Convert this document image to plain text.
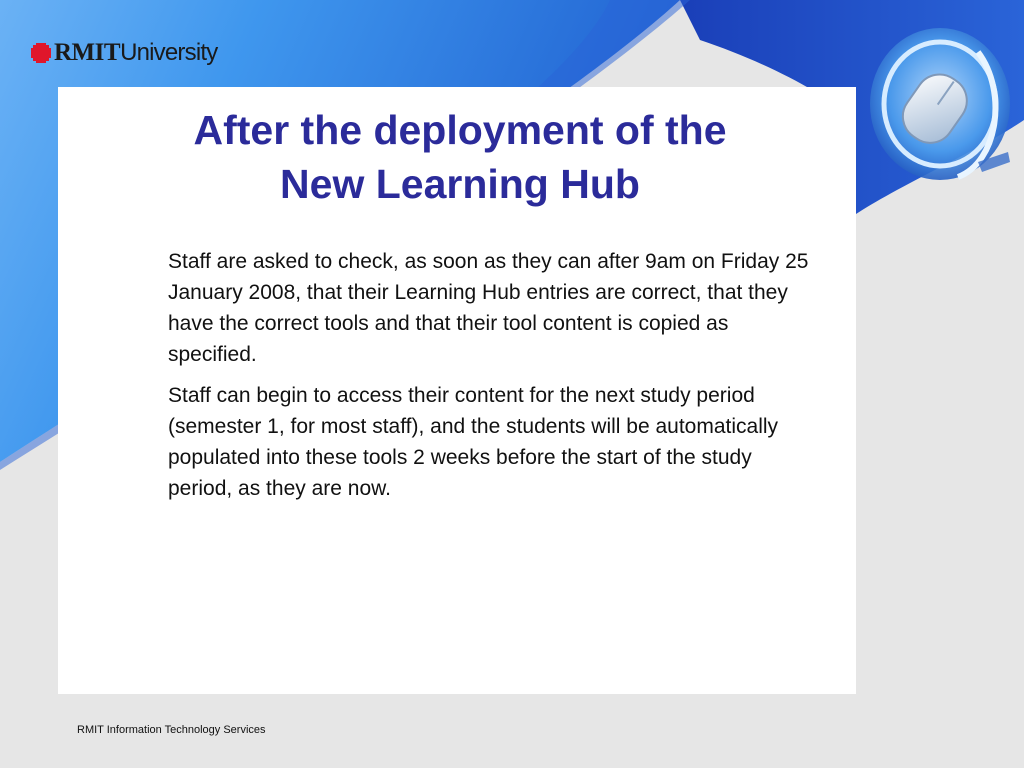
RMIT University
After the deployment of the
New Learning Hub

Staff are asked to check, as soon as they can after 9am on Friday 25 January 2008, that their Learning Hub entries are correct, that they have the correct tools and that their tool content is copied as specified.

Staff can begin to access their content for the next study period (semester 1, for most staff), and the students will be automatically populated into these tools 2 weeks before the start of the study period, as they are now.

RMIT Information Technology Services
